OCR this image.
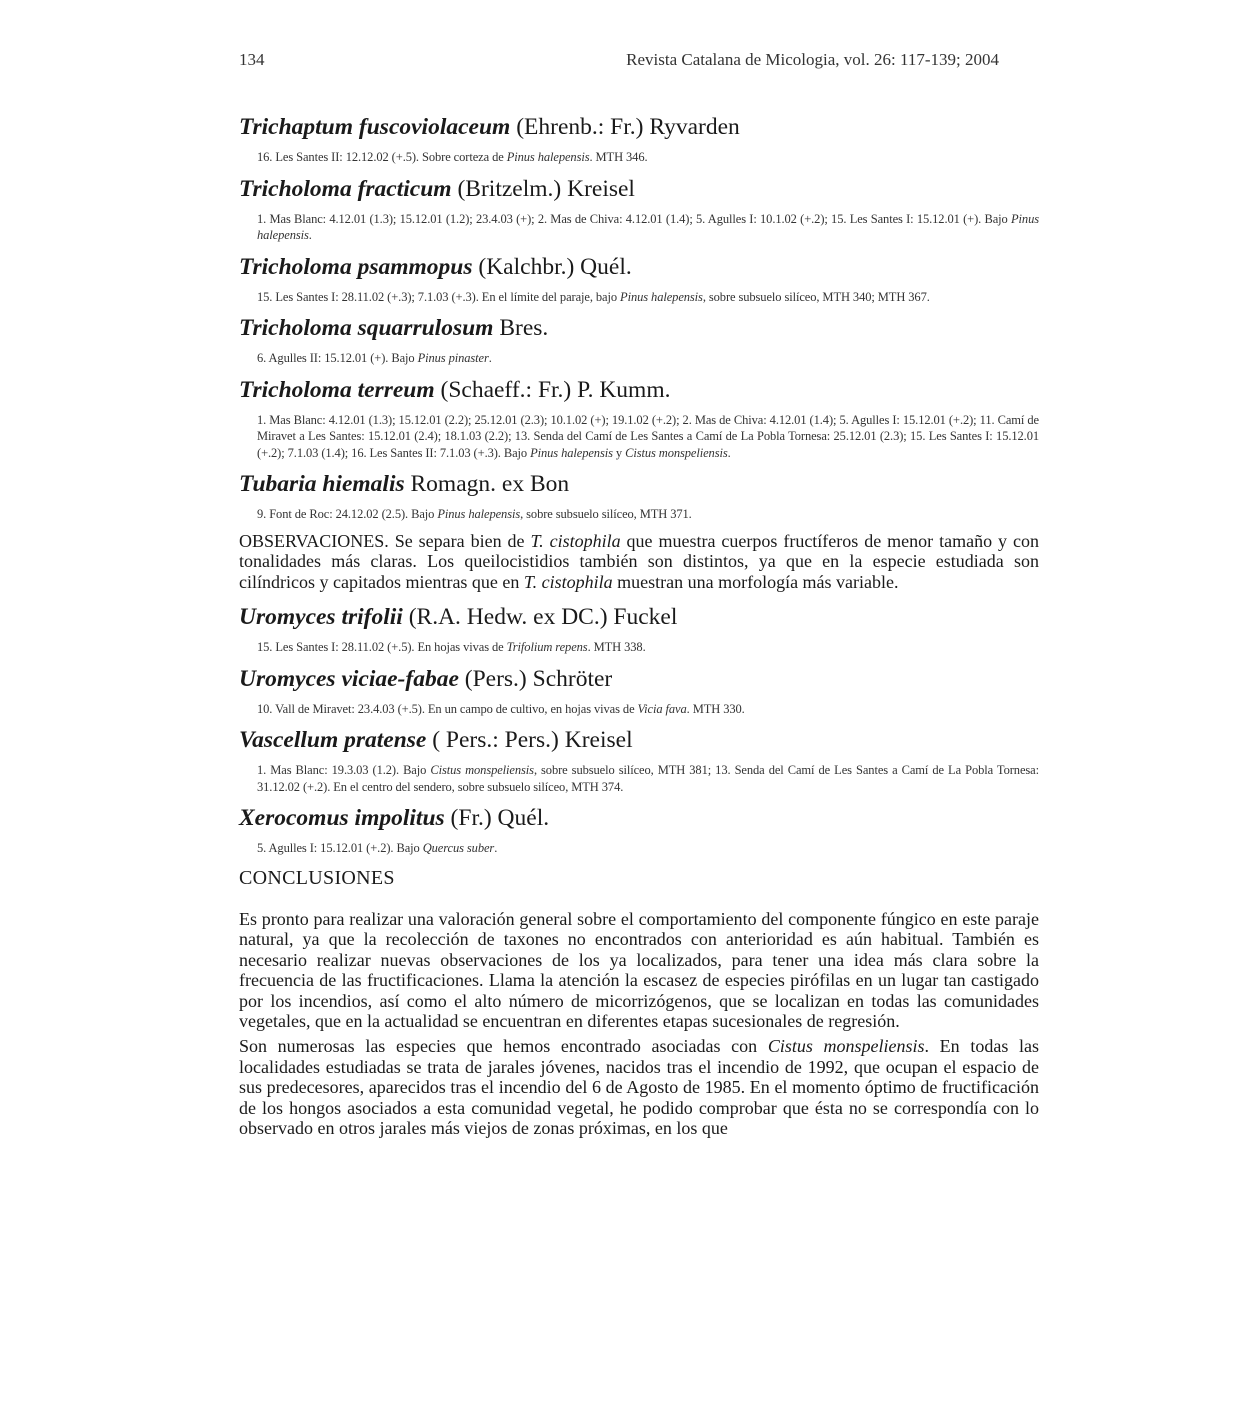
134	Revista Catalana de Micologia, vol. 26: 117-139; 2004

Trichaptum fuscoviolaceum (Ehrenb.: Fr.) Ryvarden

16. Les Santes II: 12.12.02 (+.5). Sobre corteza de Pinus halepensis. MTH 346.

Tricholoma fracticum (Britzelm.) Kreisel

1. Mas Blanc: 4.12.01 (1.3); 15.12.01 (1.2); 23.4.03 (+); 2. Mas de Chiva: 4.12.01 (1.4); 5. Agulles I: 10.1.02 (+.2); 15. Les Santes I: 15.12.01 (+). Bajo Pinus halepensis.

Tricholoma psammopus (Kalchbr.) Quél.

15. Les Santes I: 28.11.02 (+.3); 7.1.03 (+.3). En el límite del paraje, bajo Pinus halepensis, sobre subsuelo silíceo, MTH 340; MTH 367.

Tricholoma squarrulosum Bres.

6. Agulles II: 15.12.01 (+). Bajo Pinus pinaster.

Tricholoma terreum (Schaeff.: Fr.) P. Kumm.

1. Mas Blanc: 4.12.01 (1.3); 15.12.01 (2.2); 25.12.01 (2.3); 10.1.02 (+); 19.1.02 (+.2); 2. Mas de Chiva: 4.12.01 (1.4); 5. Agulles I: 15.12.01 (+.2); 11. Camí de Miravet a Les Santes: 15.12.01 (2.4); 18.1.03 (2.2); 13. Senda del Camí de Les Santes a Camí de La Pobla Tornesa: 25.12.01 (2.3); 15. Les Santes I: 15.12.01 (+.2); 7.1.03 (1.4); 16. Les Santes II: 7.1.03 (+.3). Bajo Pinus halepensis y Cistus monspeliensis.

Tubaria hiemalis Romagn. ex Bon

9. Font de Roc: 24.12.02 (2.5). Bajo Pinus halepensis, sobre subsuelo silíceo, MTH 371.

OBSERVACIONES. Se separa bien de T. cistophila que muestra cuerpos fructíferos de menor tamaño y con tonalidades más claras. Los queilocistidios también son distintos, ya que en la especie estudiada son cilíndricos y capitados mientras que en T. cistophila muestran una morfología más variable.

Uromyces trifolii (R.A. Hedw. ex DC.) Fuckel

15. Les Santes I: 28.11.02 (+.5). En hojas vivas de Trifolium repens. MTH 338.

Uromyces viciae-fabae (Pers.) Schröter

10. Vall de Miravet: 23.4.03 (+.5). En un campo de cultivo, en hojas vivas de Vicia fava. MTH 330.

Vascellum pratense ( Pers.: Pers.) Kreisel

1. Mas Blanc: 19.3.03 (1.2). Bajo Cistus monspeliensis, sobre subsuelo silíceo, MTH 381; 13. Senda del Camí de Les Santes a Camí de La Pobla Tornesa: 31.12.02 (+.2). En el centro del sendero, sobre subsuelo silíceo, MTH 374.

Xerocomus impolitus (Fr.) Quél.

5. Agulles I: 15.12.01 (+.2). Bajo Quercus suber.

CONCLUSIONES

Es pronto para realizar una valoración general sobre el comportamiento del componente fúngico en este paraje natural, ya que la recolección de taxones no encontrados con anterioridad es aún habitual. También es necesario realizar nuevas observaciones de los ya localizados, para tener una idea más clara sobre la frecuencia de las fructificaciones. Llama la atención la escasez de especies pirófilas en un lugar tan castigado por los incendios, así como el alto número de micorrizógenos, que se localizan en todas las comunidades vegetales, que en la actualidad se encuentran en diferentes etapas sucesionales de regresión.

Son numerosas las especies que hemos encontrado asociadas con Cistus monspeliensis. En todas las localidades estudiadas se trata de jarales jóvenes, nacidos tras el incendio de 1992, que ocupan el espacio de sus predecesores, aparecidos tras el incendio del 6 de Agosto de 1985. En el momento óptimo de fructificación de los hongos asociados a esta comunidad vegetal, he podido comprobar que ésta no se correspondía con lo observado en otros jarales más viejos de zonas próximas, en los que
